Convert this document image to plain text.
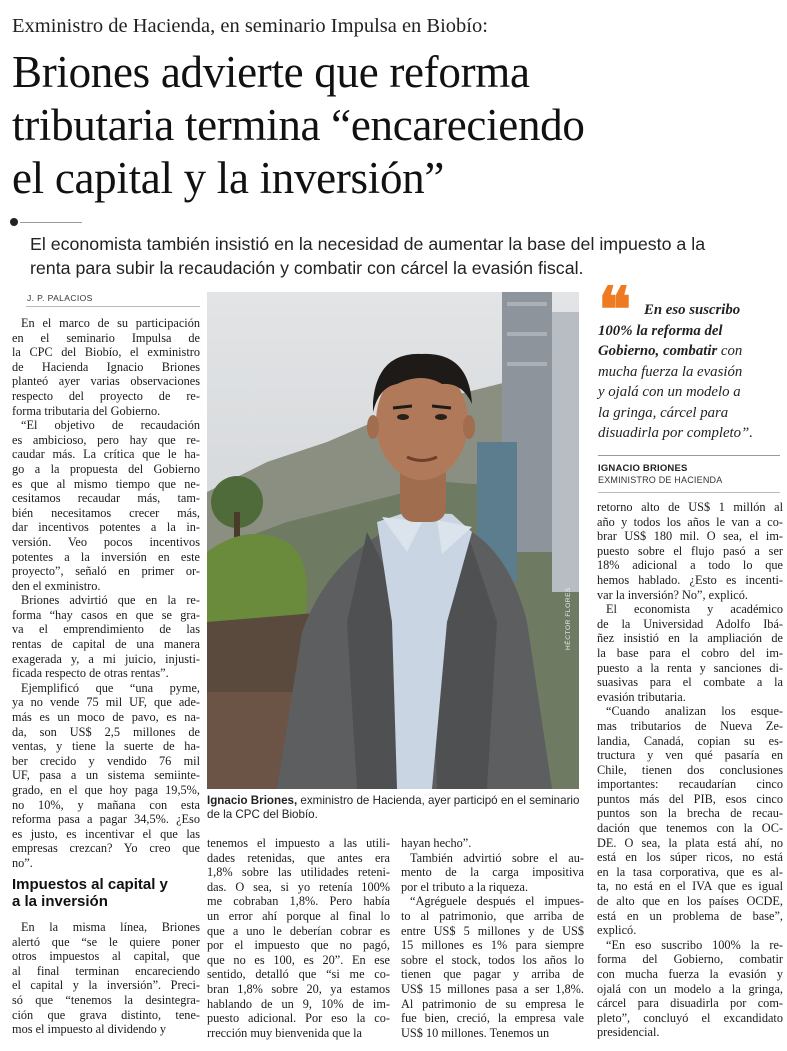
Exministro de Hacienda, en seminario Impulsa en Biobío:
Briones advierte que reforma
tributaria termina “encareciendo
el capital y la inversión”
El economista también insistió en la necesidad de aumentar la base del impuesto a la
renta para subir la recaudación y combatir con cárcel la evasión fiscal.
J. P. PALACIOS
En el marco de su participación
en el seminario Impulsa de
la CPC del Biobío, el exministro
de Hacienda Ignacio Briones
planteó ayer varias observaciones
respecto del proyecto de re-
forma tributaria del Gobierno.
“El objetivo de recaudación
es ambicioso, pero hay que re-
caudar más. La crítica que le ha-
go a la propuesta del Gobierno
es que al mismo tiempo que ne-
cesitamos recaudar más, tam-
bién necesitamos crecer más,
dar incentivos potentes a la in-
versión. Veo pocos incentivos
potentes a la inversión en este
proyecto”, señaló en primer or-
den el exministro.
Briones advirtió que en la re-
forma “hay casos en que se gra-
va el emprendimiento de las
rentas de capital de una manera
exagerada y, a mi juicio, injusti-
ficada respecto de otras rentas”.
Ejemplificó que “una pyme,
ya no vende 75 mil UF, que ade-
más es un moco de pavo, es na-
da, son US$ 2,5 millones de
ventas, y tiene la suerte de ha-
ber crecido y vendido 76 mil
UF, pasa a un sistema semiinte-
grado, en el que hoy paga 19,5%,
no 10%, y mañana con esta
reforma pasa a pagar 34,5%. ¿Eso
es justo, es incentivar el que las
empresas crezcan? Yo creo que
no”.
Impuestos al capital y
a la inversión
En la misma línea, Briones
alertó que “se le quiere poner
otros impuestos al capital, que
al final terminan encareciendo
el capital y la inversión”. Preci-
só que “tenemos la desintegra-
ción que grava distinto, tene-
mos el impuesto al dividendo y
HÉCTOR FLORES
Ignacio Briones, exministro de Hacienda, ayer participó en el seminario
de la CPC del Biobío.
❝ En eso suscribo
100% la reforma del
Gobierno, combatir con
mucha fuerza la evasión
y ojalá con un modelo a
la gringa, cárcel para
disuadirla por completo”.
IGNACIO BRIONES
EXMINISTRO DE HACIENDA
retorno alto de US$ 1 millón al
año y todos los años le van a co-
brar US$ 180 mil. O sea, el im-
puesto sobre el flujo pasó a ser
18% adicional a todo lo que
hemos hablado. ¿Esto es incenti-
var la inversión? No”, explicó.
El economista y académico
de la Universidad Adolfo Ibá-
ñez insistió en la ampliación de
la base para el cobro del im-
puesto a la renta y sanciones di-
suasivas para el combate a la
evasión tributaria.
“Cuando analizan los esque-
mas tributarios de Nueva Ze-
landia, Canadá, copian su es-
tructura y ven qué pasaría en
Chile, tienen dos conclusiones
importantes: recaudarían cinco
puntos más del PIB, esos cinco
puntos son la brecha de recau-
dación que tenemos con la OC-
DE. O sea, la plata está ahí, no
está en los súper ricos, no está
en la tasa corporativa, que es al-
ta, no está en el IVA que es igual
de alto que en los países OCDE,
está en un problema de base”,
explicó.
“En eso suscribo 100% la re-
forma del Gobierno, combatir
con mucha fuerza la evasión y
ojalá con un modelo a la gringa,
cárcel para disuadirla por com-
pleto”, concluyó el excandidato
presidencial.
tenemos el impuesto a las utili-
dades retenidas, que antes era
1,8% sobre las utilidades reteni-
das. O sea, si yo retenía 100%
me cobraban 1,8%. Pero había
un error ahí porque al final lo
que a uno le deberían cobrar es
por el impuesto que no pagó,
que no es 100, es 20”. En ese
sentido, detalló que “si me co-
bran 1,8% sobre 20, ya estamos
hablando de un 9, 10% de im-
puesto adicional. Por eso la co-
rrección muy bienvenida que la
hayan hecho”.
También advirtió sobre el au-
mento de la carga impositiva
por el tributo a la riqueza.
“Agréguele después el impues-
to al patrimonio, que arriba de
entre US$ 5 millones y de US$
15 millones es 1% para siempre
sobre el stock, todos los años lo
tienen que pagar y arriba de
US$ 15 millones pasa a ser 1,8%.
Al patrimonio de su empresa le
fue bien, creció, la empresa vale
US$ 10 millones. Tenemos un
